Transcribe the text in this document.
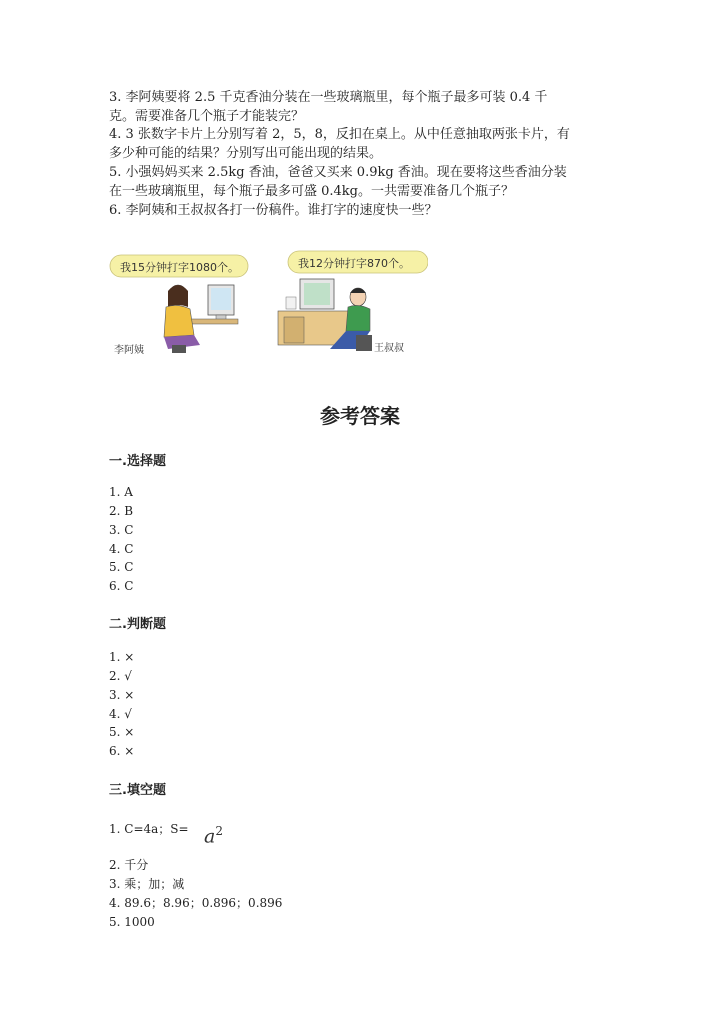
3. 李阿姨要将 2.5 千克香油分装在一些玻璃瓶里，每个瓶子最多可装 0.4 千
克。需要准备几个瓶子才能装完？
4. 3 张数字卡片上分别写着 2，5，8，反扣在桌上。从中任意抽取两张卡片，有
多少种可能的结果？分别写出可能出现的结果。
5. 小强妈妈买来 2.5kg 香油，爸爸又买来 0.9kg 香油。现在要将这些香油分装
在一些玻璃瓶里，每个瓶子最多可盛 0.4kg。一共需要准备几个瓶子？
6. 李阿姨和王叔叔各打一份稿件。谁打字的速度快一些？
我15分钟打字1080个。	我12分钟打字870个。
李阿姨	王叔叔
参考答案
一.选择题
1. A
2. B
3. C
4. C
5. C
6. C
二.判断题
1. ×
2. √
3. ×
4. √
5. ×
6. ×
三.填空题
1. C=4a；$S= a^2$
2. 千分
3. 乘；加；减
4. 89.6；8.96；0.896；0.896
5. 1000
